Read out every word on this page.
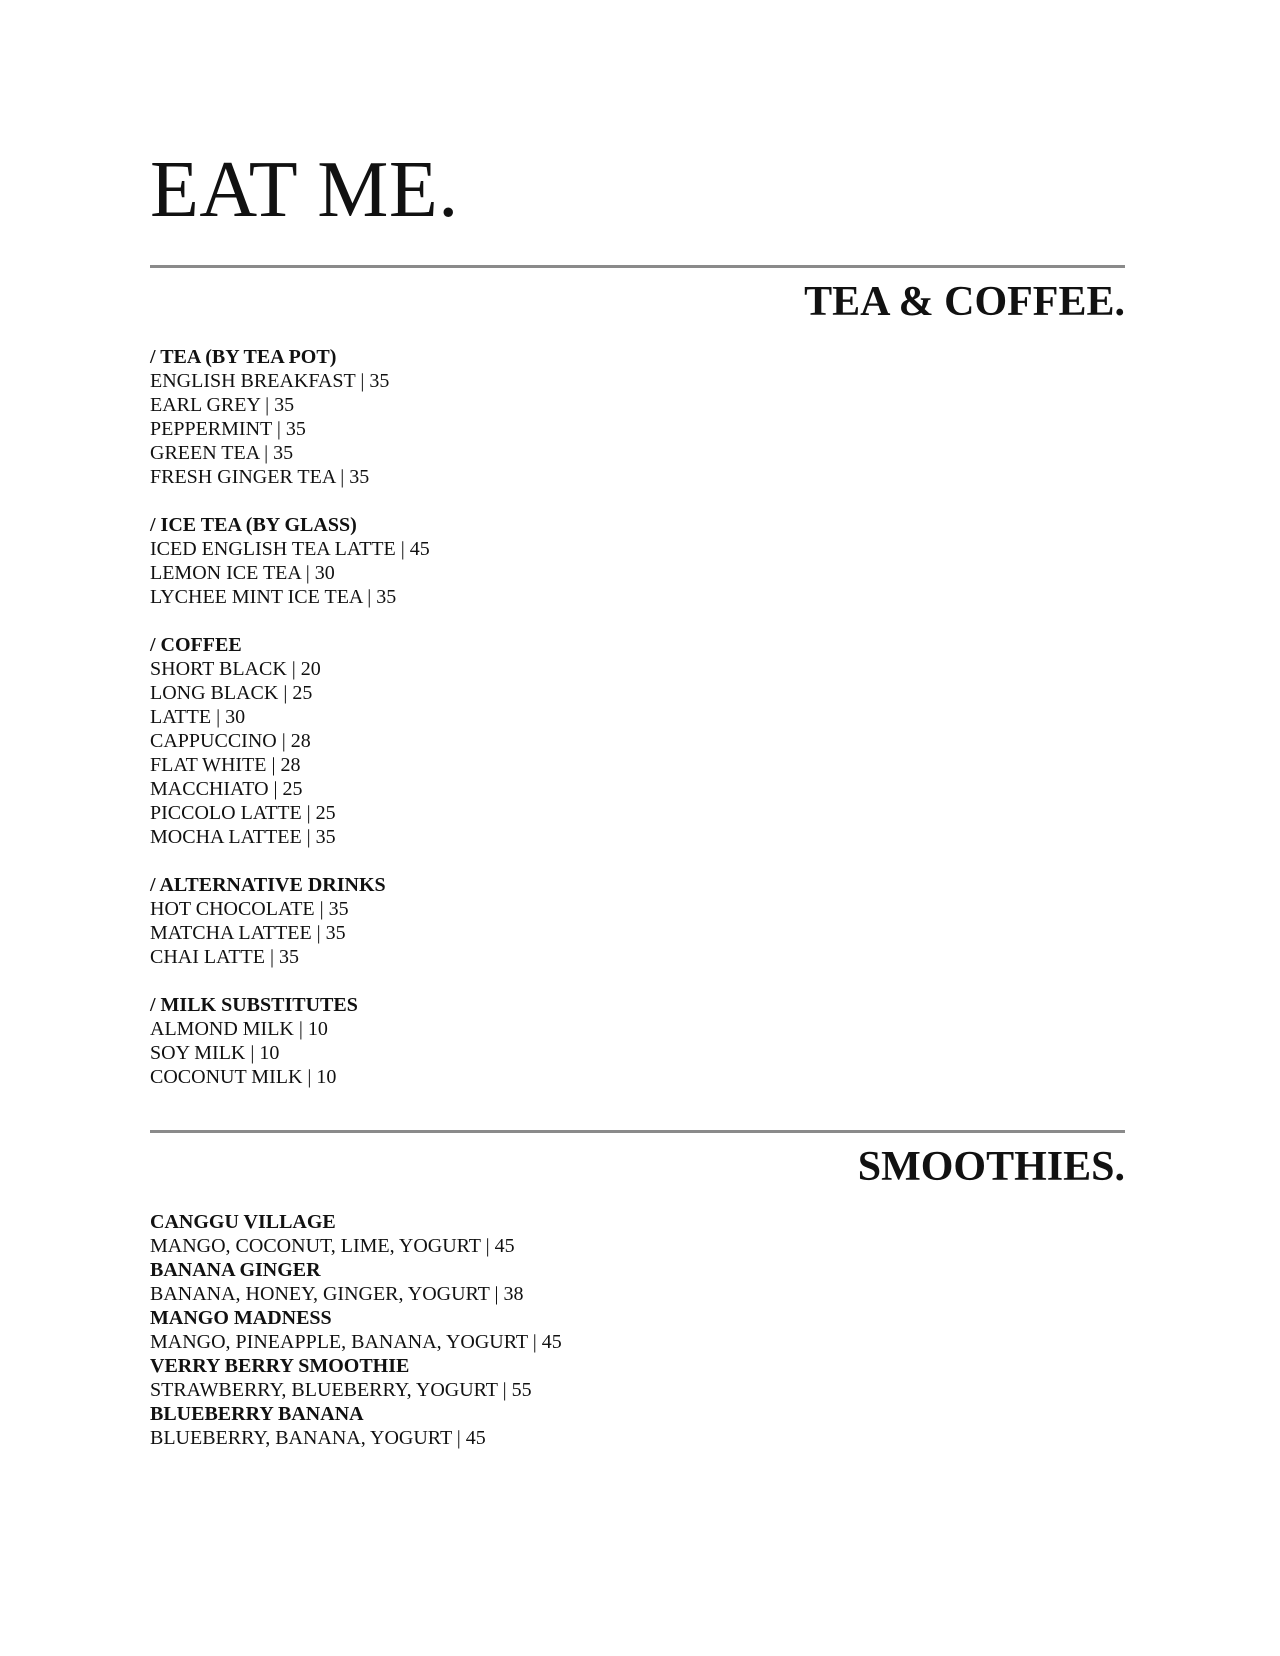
EAT ME.
TEA & COFFEE.
/ TEA (BY TEA POT)
ENGLISH BREAKFAST | 35
EARL GREY | 35
PEPPERMINT | 35
GREEN TEA | 35
FRESH GINGER TEA | 35
/ ICE TEA (BY GLASS)
ICED ENGLISH TEA LATTE | 45
LEMON ICE TEA | 30
LYCHEE MINT ICE TEA | 35
/ COFFEE
SHORT BLACK | 20
LONG BLACK | 25
LATTE | 30
CAPPUCCINO | 28
FLAT WHITE | 28
MACCHIATO | 25
PICCOLO LATTE | 25
MOCHA LATTEE | 35
/ ALTERNATIVE DRINKS
HOT CHOCOLATE | 35
MATCHA LATTEE | 35
CHAI LATTE | 35
/ MILK SUBSTITUTES
ALMOND MILK | 10
SOY MILK | 10
COCONUT MILK | 10
SMOOTHIES.
CANGGU VILLAGE
MANGO, COCONUT, LIME, YOGURT | 45
BANANA GINGER
BANANA, HONEY, GINGER, YOGURT | 38
MANGO MADNESS
MANGO, PINEAPPLE, BANANA, YOGURT | 45
VERRY BERRY SMOOTHIE
STRAWBERRY, BLUEBERRY, YOGURT | 55
BLUEBERRY BANANA
BLUEBERRY, BANANA, YOGURT | 45
